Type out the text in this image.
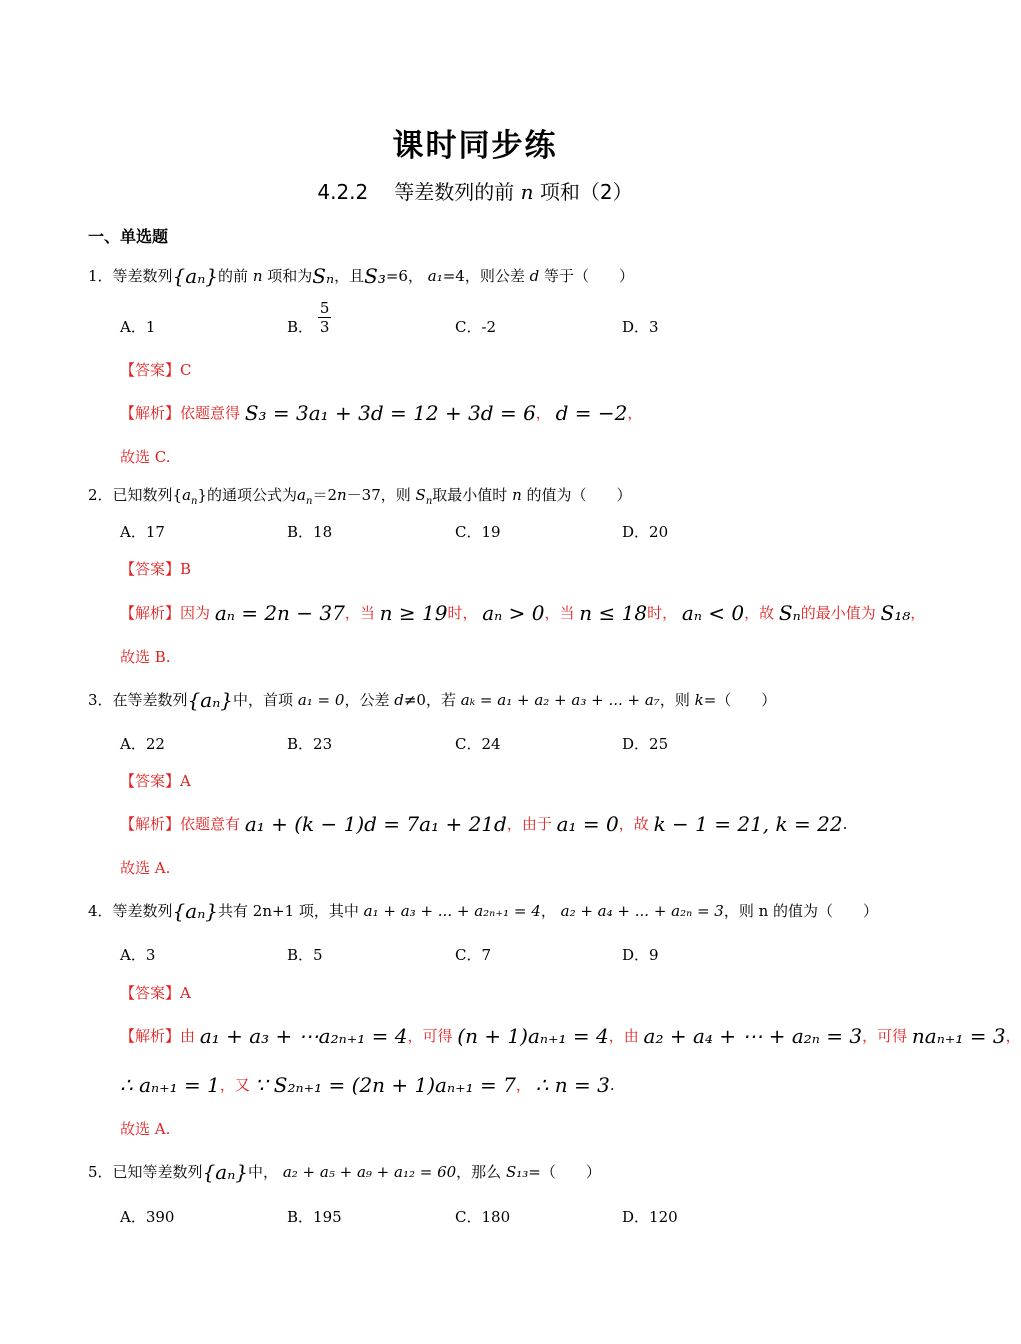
课时同步练
4.2.2 等差数列的前 n 项和（2）
一、单选题
1．等差数列{aₙ}的前 n 项和为Sₙ，且S₃=6， a₁=4，则公差 d 等于（　　）
A．1	B． $\frac{5}{3}$	C．-2	D．3
【答案】C
【解析】依题意得 S₃ = 3a₁ + 3d = 12 + 3d = 6， d = −2，
故选 C.
2．已知数列$\{a_n\}$的通项公式为$a_n=2n-37$，则 $S_n$取最小值时 n 的值为（　　）
A．17	B．18	C．19	D．20
【答案】B
【解析】因为 aₙ = 2n − 37，当 n ≥ 19时， aₙ > 0，当 n ≤ 18时， aₙ < 0，故 Sₙ的最小值为 S₁₈，
故选 B.
3．在等差数列{aₙ}中，首项 a₁ = 0，公差 d≠0，若 aₖ = a₁ + a₂ + a₃ + ... + a₇，则 k=（　　）
A．22	B．23	C．24	D．25
【答案】A
【解析】依题意有 a₁ + (k − 1)d = 7a₁ + 21d，由于 a₁ = 0，故 k − 1 = 21, k = 22.
故选 A.
4．等差数列{aₙ}共有 2n+1 项，其中 a₁ + a₃ + ... + a₂ₙ₊₁ = 4， a₂ + a₄ + ... + a₂ₙ = 3，则 n 的值为（　　）
A．3	B．5	C．7	D．9
【答案】A
【解析】由 a₁ + a₃ + ⋯a₂ₙ₊₁ = 4，可得 (n + 1)aₙ₊₁ = 4，由 a₂ + a₄ + ⋯ + a₂ₙ = 3，可得 naₙ₊₁ = 3，
∴ aₙ₊₁ = 1，又 ∵ S₂ₙ₊₁ = (2n + 1)aₙ₊₁ = 7， ∴ n = 3.
故选 A.
5．已知等差数列{aₙ}中， a₂ + a₅ + a₉ + a₁₂ = 60，那么 S₁₃=（　　）
A．390	B．195	C．180	D．120
